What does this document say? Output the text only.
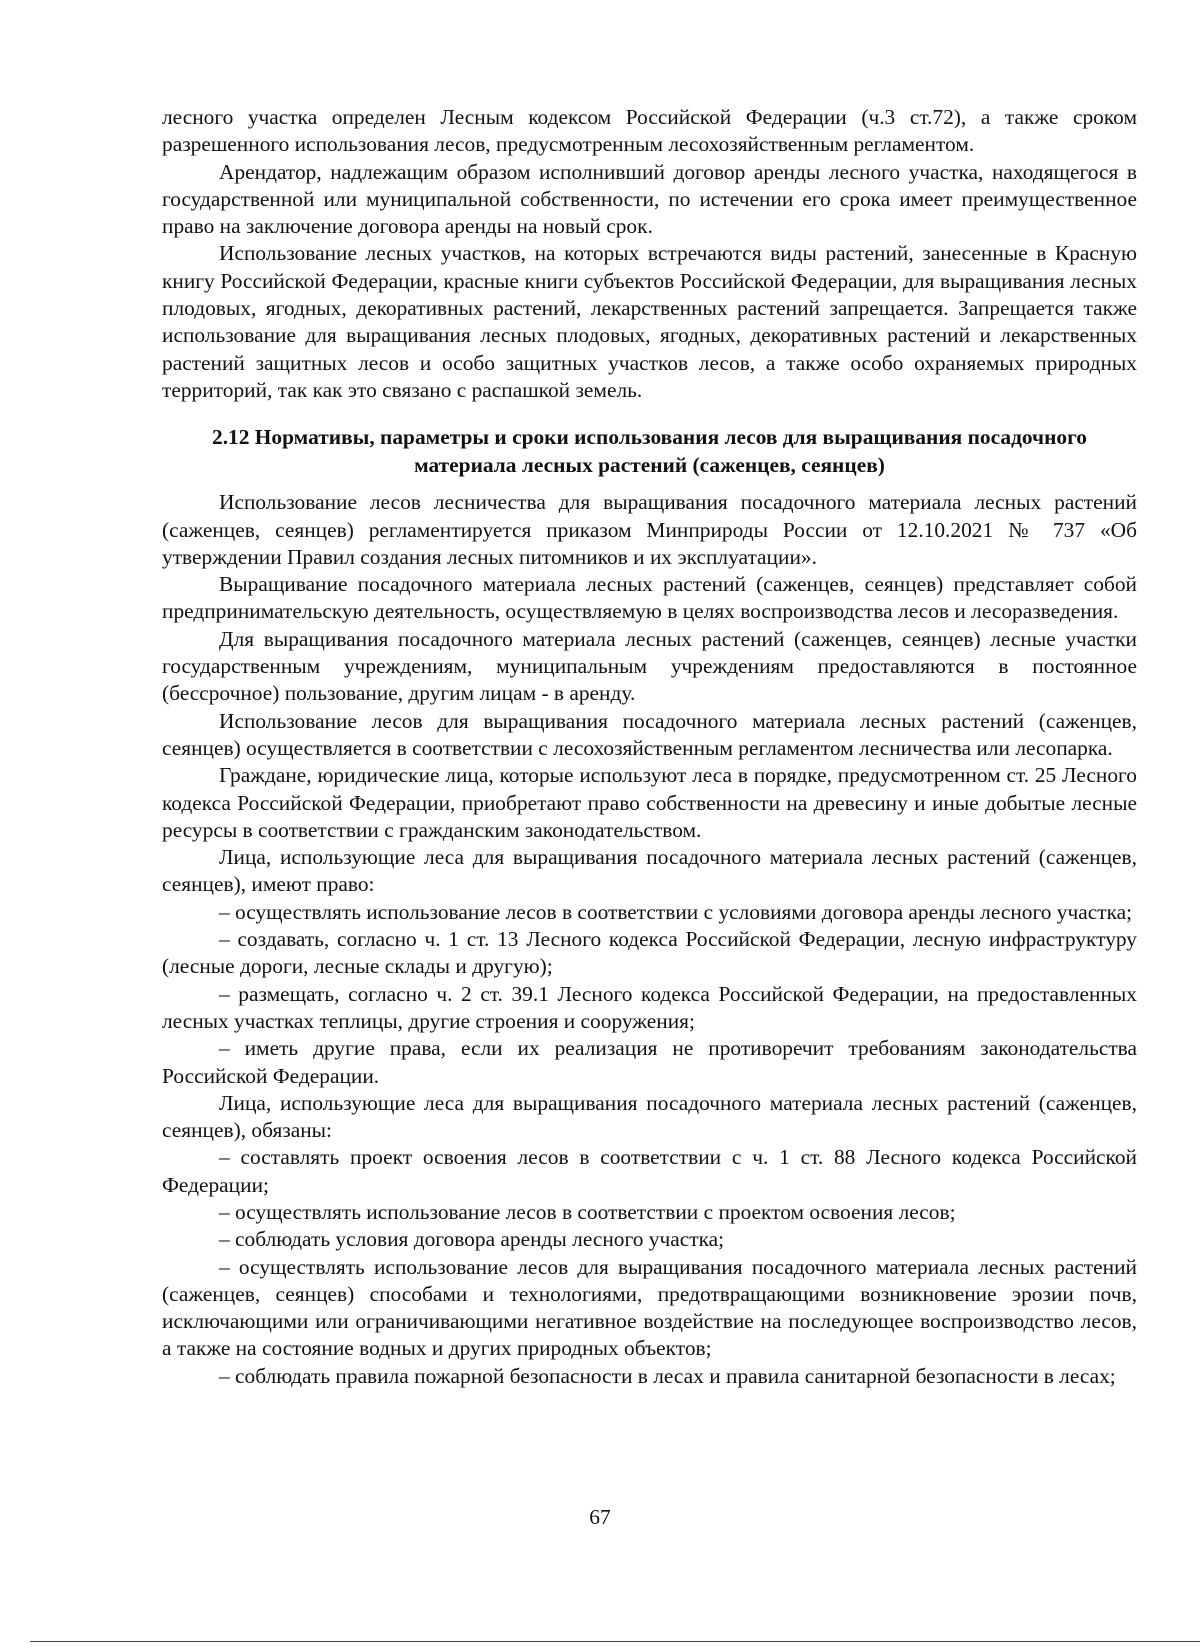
лесного участка определен Лесным кодексом Российской Федерации (ч.3 ст.72), а также сроком разрешенного использования лесов, предусмотренным лесохозяйственным регламентом.

Арендатор, надлежащим образом исполнивший договор аренды лесного участка, находящегося в государственной или муниципальной собственности, по истечении его срока имеет преимущественное право на заключение договора аренды на новый срок.

Использование лесных участков, на которых встречаются виды растений, занесенные в Красную книгу Российской Федерации, красные книги субъектов Российской Федерации, для выращивания лесных плодовых, ягодных, декоративных растений, лекарственных растений запрещается. Запрещается также использование для выращивания лесных плодовых, ягодных, декоративных растений и лекарственных растений защитных лесов и особо защитных участков лесов, а также особо охраняемых природных территорий, так как это связано с распашкой земель.

2.12 Нормативы, параметры и сроки использования лесов для выращивания посадочного материала лесных растений (саженцев, сеянцев)

Использование лесов лесничества для выращивания посадочного материала лесных растений (саженцев, сеянцев) регламентируется приказом Минприроды России от 12.10.2021 № 737 «Об утверждении Правил создания лесных питомников и их эксплуатации».

Выращивание посадочного материала лесных растений (саженцев, сеянцев) представляет собой предпринимательскую деятельность, осуществляемую в целях воспроизводства лесов и лесоразведения.

Для выращивания посадочного материала лесных растений (саженцев, сеянцев) лесные участки государственным учреждениям, муниципальным учреждениям предоставляются в постоянное (бессрочное) пользование, другим лицам - в аренду.

Использование лесов для выращивания посадочного материала лесных растений (саженцев, сеянцев) осуществляется в соответствии с лесохозяйственным регламентом лесничества или лесопарка.

Граждане, юридические лица, которые используют леса в порядке, предусмотренном ст. 25 Лесного кодекса Российской Федерации, приобретают право собственности на древесину и иные добытые лесные ресурсы в соответствии с гражданским законодательством.

Лица, использующие леса для выращивания посадочного материала лесных растений (саженцев, сеянцев), имеют право:

– осуществлять использование лесов в соответствии с условиями договора аренды лесного участка;

– создавать, согласно ч. 1 ст. 13 Лесного кодекса Российской Федерации, лесную инфраструктуру (лесные дороги, лесные склады и другую);

– размещать, согласно ч. 2 ст. 39.1 Лесного кодекса Российской Федерации, на предоставленных лесных участках теплицы, другие строения и сооружения;

– иметь другие права, если их реализация не противоречит требованиям законодательства Российской Федерации.

Лица, использующие леса для выращивания посадочного материала лесных растений (саженцев, сеянцев), обязаны:

– составлять проект освоения лесов в соответствии с ч. 1 ст. 88 Лесного кодекса Российской Федерации;

– осуществлять использование лесов в соответствии с проектом освоения лесов;

– соблюдать условия договора аренды лесного участка;

– осуществлять использование лесов для выращивания посадочного материала лесных растений (саженцев, сеянцев) способами и технологиями, предотвращающими возникновение эрозии почв, исключающими или ограничивающими негативное воздействие на последующее воспроизводство лесов, а также на состояние водных и других природных объектов;

– соблюдать правила пожарной безопасности в лесах и правила санитарной безопасности в лесах;

67
